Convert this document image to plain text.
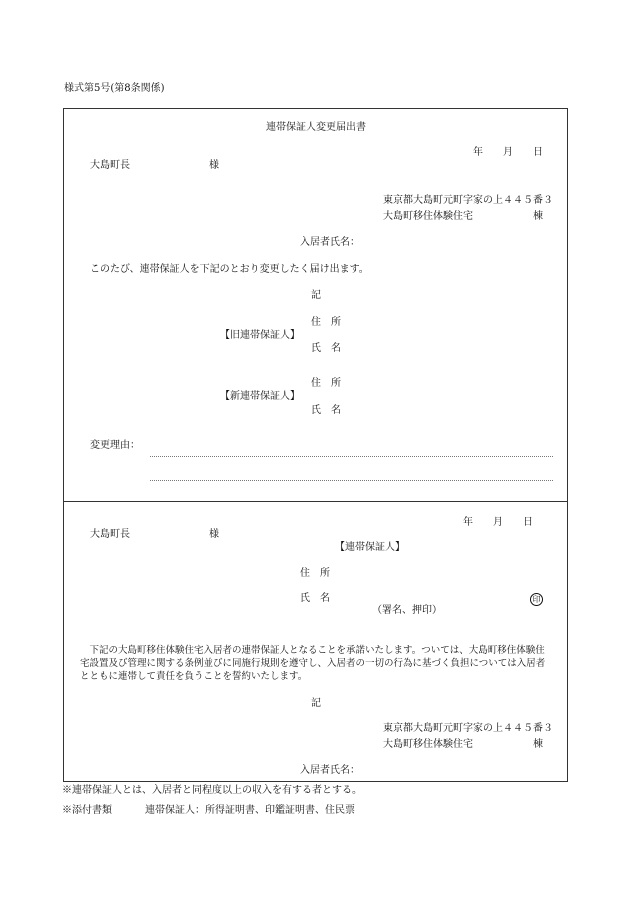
様式第5号(第8条関係)
連帯保証人変更届出書
年 月 日
大島町長	様
東京都大島町元町字家の上４４５番３
大島町移住体験住宅	棟
入居者氏名：
このたび、連帯保証人を下記のとおり変更したく届け出ます。
記
住　所
【旧連帯保証人】
氏　名
住　所
【新連帯保証人】
氏　名
変更理由：
年 月 日
大島町長	様
【連帯保証人】
住　所
氏　名	印
（署名、押印）
下記の大島町移住体験住宅入居者の連帯保証人となることを承諾いたします。ついては、大島町移住体験住宅設置及び管理に関する条例並びに同施行規則を遵守し、入居者の一切の行為に基づく負担については入居者とともに連帯して責任を負うことを誓約いたします。
記
東京都大島町元町字家の上４４５番３
大島町移住体験住宅	棟
入居者氏名：
※連帯保証人とは、入居者と同程度以上の収入を有する者とする。
※添付書類	連帯保証人：所得証明書、印鑑証明書、住民票
